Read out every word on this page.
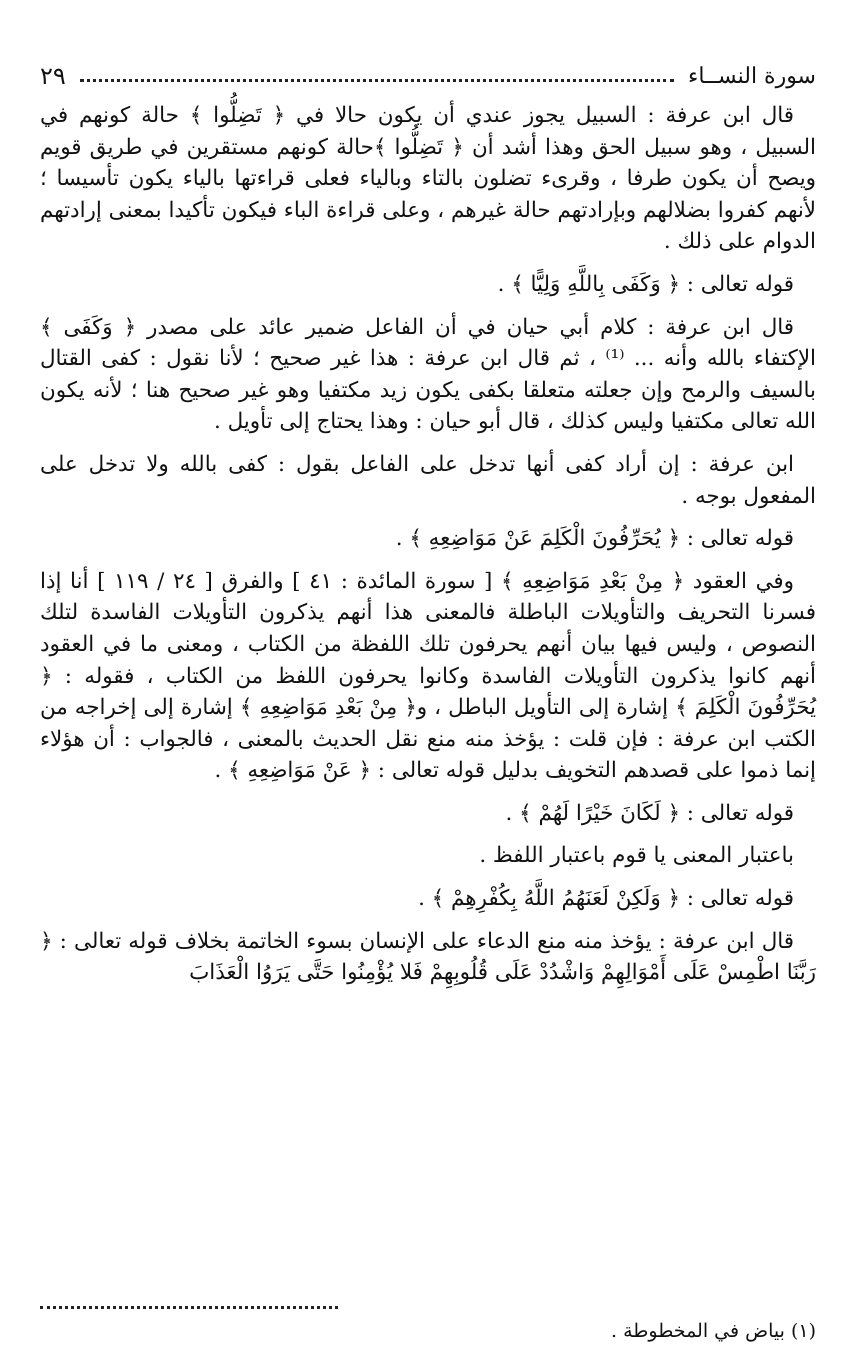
سورة النســاء
٢٩

قال ابن عرفة : السبيل يجوز عندي أن يكون حالا في ﴿ تَضِلُّوا ﴾ حالة كونهم في السبيل ، وهو سبيل الحق وهذا أشد أن ﴿ تَضِلُّوا ﴾حالة كونهم مستقرين في طريق قويم ويصح أن يكون طرفا ، وقرىء تضلون بالتاء وبالياء فعلى قراءتها بالياء يكون تأسيسا ؛ لأنهم كفروا بضلالهم وبإرادتهم حالة غيرهم ، وعلى قراءة الباء فيكون تأكيدا بمعنى إرادتهم الدوام على ذلك .

قوله تعالى : ﴿ وَكَفَى بِاللَّهِ وَلِيًّا ﴾ .

قال ابن عرفة : كلام أبي حيان في أن الفاعل ضمير عائد على مصدر ﴿ وَكَفَى ﴾ الإكتفاء بالله وأنه ... ⁽¹⁾ ، ثم قال ابن عرفة : هذا غير صحيح ؛ لأنا نقول : كفى القتال بالسيف والرمح وإن جعلته متعلقا بكفى يكون زيد مكتفيا وهو غير صحيح هنا ؛ لأنه يكون الله تعالى مكتفيا وليس كذلك ، قال أبو حيان : وهذا يحتاج إلى تأويل .

ابن عرفة : إن أراد كفى أنها تدخل على الفاعل بقول : كفى بالله ولا تدخل على المفعول بوجه .

قوله تعالى : ﴿ يُحَرِّفُونَ الْكَلِمَ عَنْ مَوَاضِعِهِ ﴾ .

وفي العقود ﴿ مِنْ بَعْدِ مَوَاضِعِهِ ﴾ [ سورة المائدة : ٤١ ] والفرق [ ٢٤ / ١١٩ ] أنا إذا فسرنا التحريف والتأويلات الباطلة فالمعنى هذا أنهم يذكرون التأويلات الفاسدة لتلك النصوص ، وليس فيها بيان أنهم يحرفون تلك اللفظة من الكتاب ، ومعنى ما في العقود أنهم كانوا يذكرون التأويلات الفاسدة وكانوا يحرفون اللفظ من الكتاب ، فقوله : ﴿ يُحَرِّفُونَ الْكَلِمَ ﴾ إشارة إلى التأويل الباطل ، و﴿ مِنْ بَعْدِ مَوَاضِعِهِ ﴾ إشارة إلى إخراجه من الكتب ابن عرفة : فإن قلت : يؤخذ منه منع نقل الحديث بالمعنى ، فالجواب : أن هؤلاء إنما ذموا على قصدهم التخويف بدليل قوله تعالى : ﴿ عَنْ مَوَاضِعِهِ ﴾ .

قوله تعالى : ﴿ لَكَانَ خَيْرًا لَهُمْ ﴾ .

باعتبار المعنى يا قوم باعتبار اللفظ .

قوله تعالى : ﴿ وَلَكِنْ لَعَنَهُمُ اللَّهُ بِكُفْرِهِمْ ﴾ .

قال ابن عرفة : يؤخذ منه منع الدعاء على الإنسان بسوء الخاتمة بخلاف قوله تعالى : ﴿ رَبَّنَا اطْمِسْ عَلَى أَمْوَالِهِمْ وَاشْدُدْ عَلَى قُلُوبِهِمْ فَلا يُؤْمِنُوا حَتَّى يَرَوُا الْعَذَابَ

(١) بياض في المخطوطة .
